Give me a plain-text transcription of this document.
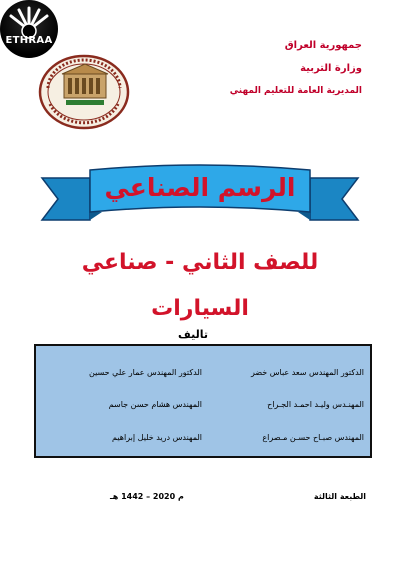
ETHRAA	جمهورية العراق
وزارة التربية
المديرية العامة للتعليم المهني
الرسم الصناعي
للصف الثاني - صناعي
السيارات
تاليف
الدكتور المهندس سعد عباس خضر
الدكتور المهندس عمار علي حسين
المهنـدس وليـد احمـد الجـراح
المهندس هشام حسن جاسم
المهندس صبـاح حسـن مـصراع
المهندس دريد خليل إبراهيم
الطبعة الثالثة
م 2020 – 1442 هـ
